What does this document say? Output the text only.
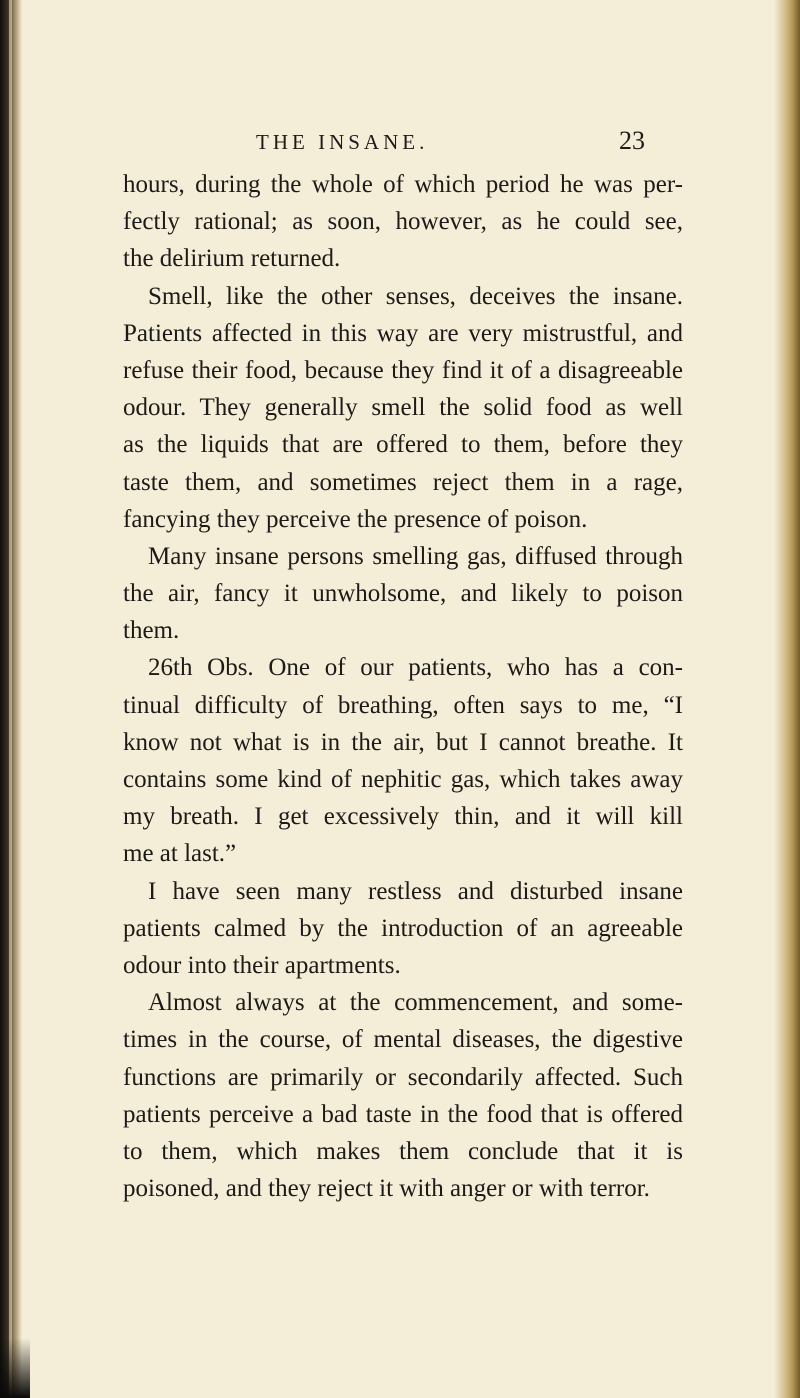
THE INSANE.	23
hours, during the whole of which period he was per-
fectly rational; as soon, however, as he could see,
the delirium returned.
Smell, like the other senses, deceives the insane.
Patients affected in this way are very mistrustful, and
refuse their food, because they find it of a disagreeable
odour. They generally smell the solid food as well
as the liquids that are offered to them, before they
taste them, and sometimes reject them in a rage,
fancying they perceive the presence of poison.
Many insane persons smelling gas, diffused through
the air, fancy it unwholsome, and likely to poison
them.
26th Obs. One of our patients, who has a con-
tinual difficulty of breathing, often says to me, “I
know not what is in the air, but I cannot breathe. It
contains some kind of nephitic gas, which takes away
my breath. I get excessively thin, and it will kill
me at last.”
I have seen many restless and disturbed insane
patients calmed by the introduction of an agreeable
odour into their apartments.
Almost always at the commencement, and some-
times in the course, of mental diseases, the digestive
functions are primarily or secondarily affected. Such
patients perceive a bad taste in the food that is offered
to them, which makes them conclude that it is
poisoned, and they reject it with anger or with terror.
